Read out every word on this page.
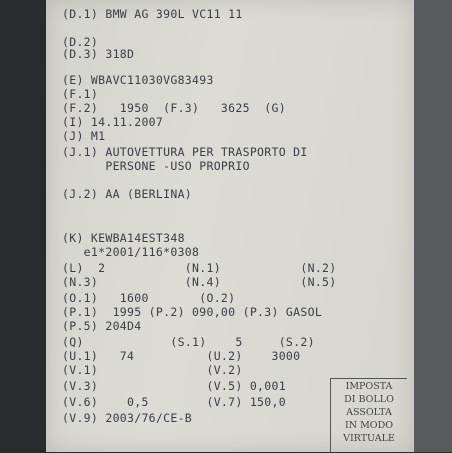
(D.1) BMW AG 390L VC11 11
(D.2)
(D.3) 318D
(E) WBAVC11030VG83493
(F.1)
(F.2)   1950  (F.3)   3625  (G)
(I) 14.11.2007
(J) M1
(J.1) AUTOVETTURA PER TRASPORTO DI
PERSONE -USO PROPRIO
(J.2) AA (BERLINA)
(K) KEWBA14EST348
e1*2001/116*0308
(L)  2           (N.1)           (N.2)
(N.3)            (N.4)           (N.5)
(O.1)   1600       (O.2)
(P.1)  1995 (P.2) 090,00 (P.3) GASOL
(P.5) 204D4
(Q)            (S.1)    5     (S.2)
(U.1)   74          (U.2)    3000
(V.1)               (V.2)
(V.3)               (V.5) 0,001
(V.6)    0,5        (V.7) 150,0
(V.9) 2003/76/CE-B
IMPOSTA
DI BOLLO
ASSOLTA
IN MODO
VIRTUALE
